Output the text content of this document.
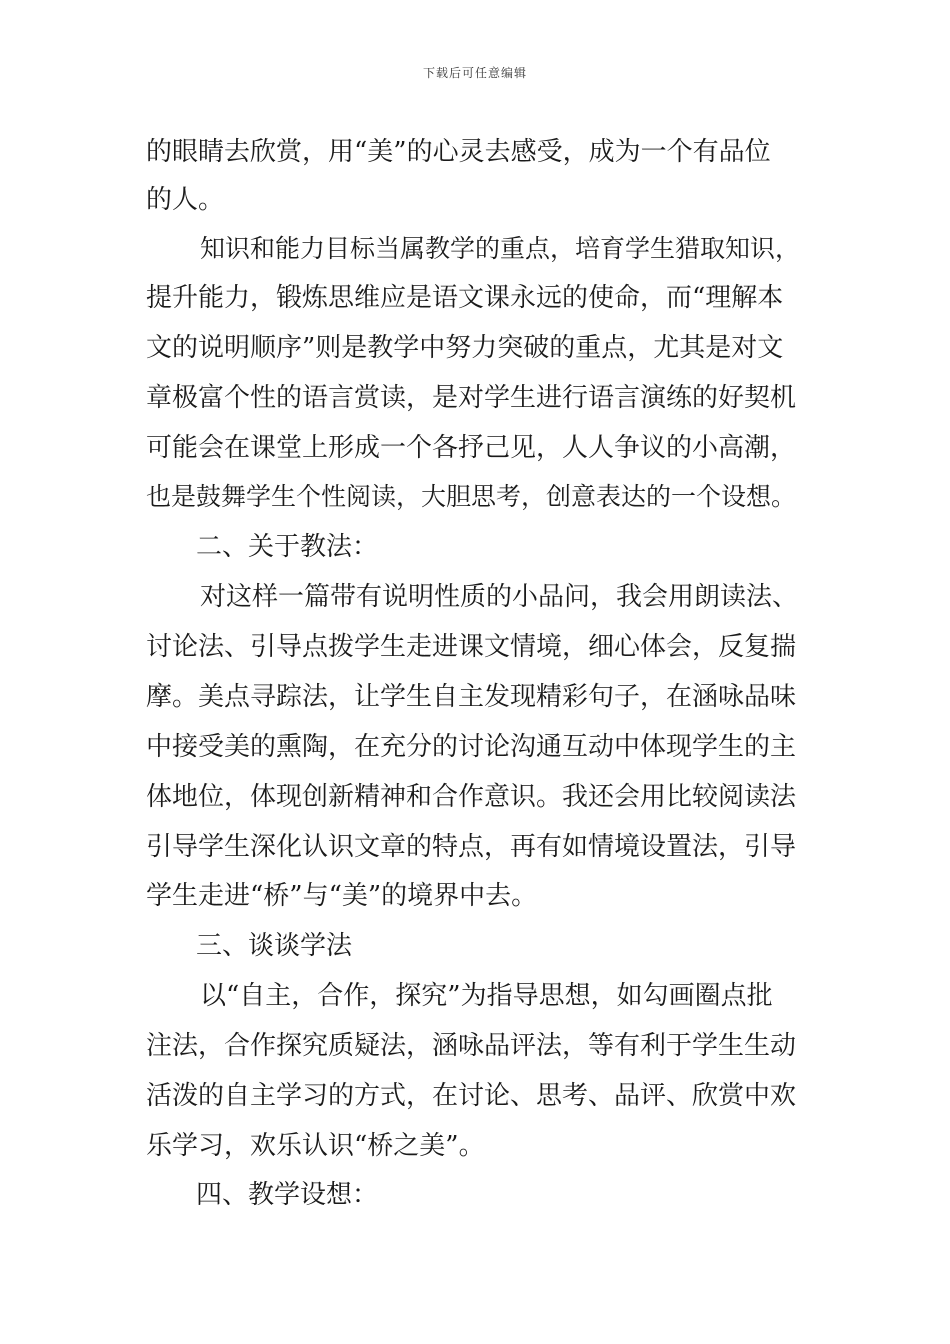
下载后可任意编辑
的眼睛去欣赏，用“美”的心灵去感受，成为一个有品位
的人。
知识和能力目标当属教学的重点，培育学生猎取知识，
提升能力，锻炼思维应是语文课永远的使命，而“理解本
文的说明顺序”则是教学中努力突破的重点，尤其是对文
章极富个性的语言赏读，是对学生进行语言演练的好契机
可能会在课堂上形成一个各抒己见，人人争议的小高潮，
也是鼓舞学生个性阅读，大胆思考，创意表达的一个设想。
二、关于教法：
对这样一篇带有说明性质的小品问，我会用朗读法、
讨论法、引导点拨学生走进课文情境，细心体会，反复揣
摩。美点寻踪法，让学生自主发现精彩句子，在涵咏品味
中接受美的熏陶，在充分的讨论沟通互动中体现学生的主
体地位，体现创新精神和合作意识。我还会用比较阅读法
引导学生深化认识文章的特点，再有如情境设置法，引导
学生走进“桥”与“美”的境界中去。
三、谈谈学法
以“自主，合作，探究”为指导思想，如勾画圈点批
注法，合作探究质疑法，涵咏品评法，等有利于学生生动
活泼的自主学习的方式，在讨论、思考、品评、欣赏中欢
乐学习，欢乐认识“桥之美”。
四、教学设想：
